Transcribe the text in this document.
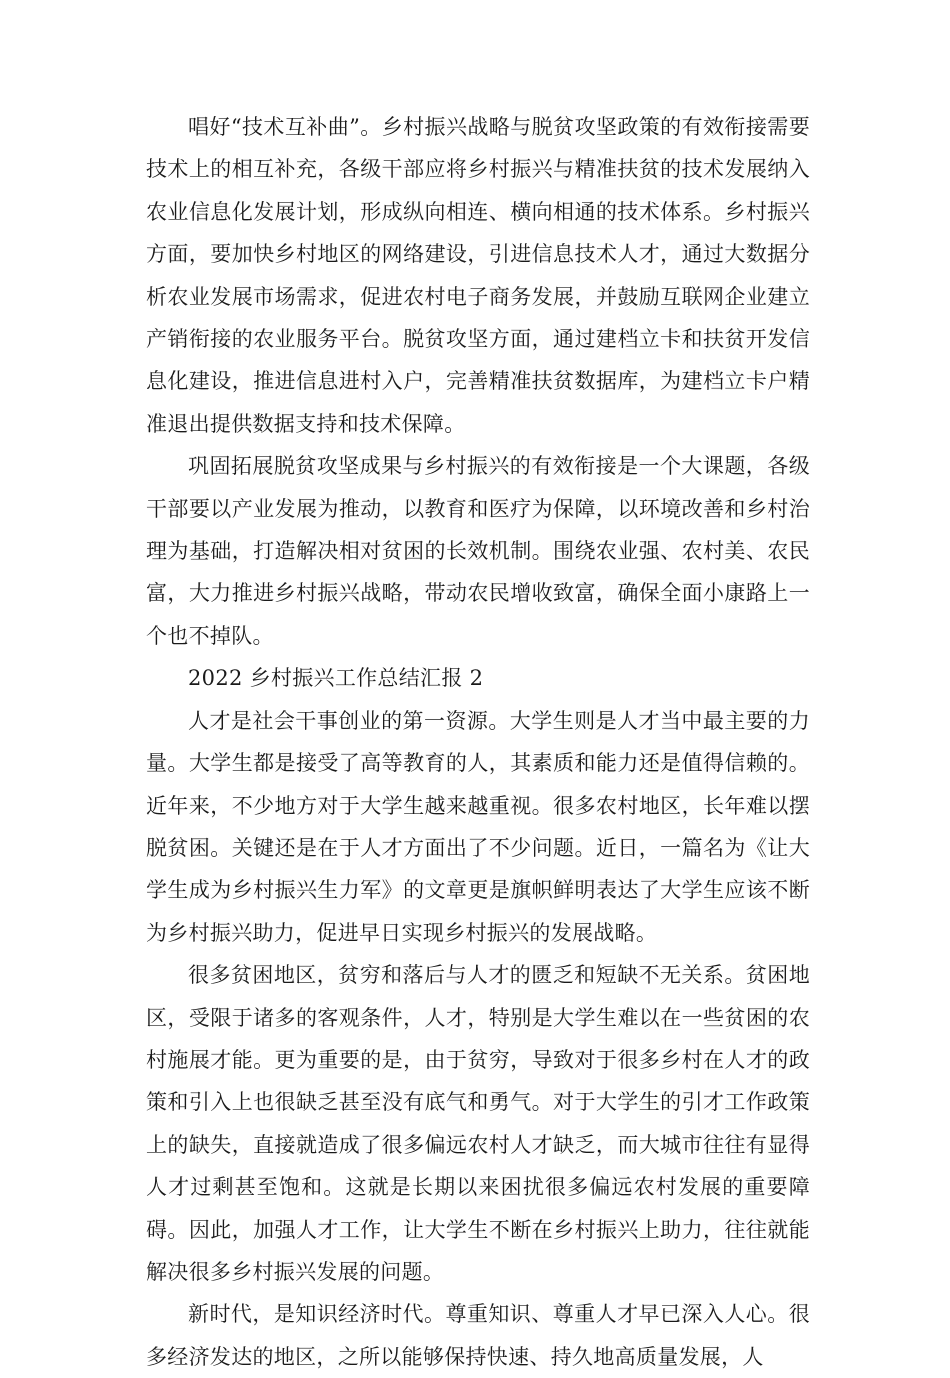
唱好“技术互补曲”。乡村振兴战略与脱贫攻坚政策的有效衔接需要技术上的相互补充，各级干部应将乡村振兴与精准扶贫的技术发展纳入农业信息化发展计划，形成纵向相连、横向相通的技术体系。乡村振兴方面，要加快乡村地区的网络建设，引进信息技术人才，通过大数据分析农业发展市场需求，促进农村电子商务发展，并鼓励互联网企业建立产销衔接的农业服务平台。脱贫攻坚方面，通过建档立卡和扶贫开发信息化建设，推进信息进村入户，完善精准扶贫数据库，为建档立卡户精准退出提供数据支持和技术保障。

巩固拓展脱贫攻坚成果与乡村振兴的有效衔接是一个大课题，各级干部要以产业发展为推动，以教育和医疗为保障，以环境改善和乡村治理为基础，打造解决相对贫困的长效机制。围绕农业强、农村美、农民富，大力推进乡村振兴战略，带动农民增收致富，确保全面小康路上一个也不掉队。

2022 乡村振兴工作总结汇报 2

人才是社会干事创业的第一资源。大学生则是人才当中最主要的力量。大学生都是接受了高等教育的人，其素质和能力还是值得信赖的。近年来，不少地方对于大学生越来越重视。很多农村地区，长年难以摆脱贫困。关键还是在于人才方面出了不少问题。近日，一篇名为《让大学生成为乡村振兴生力军》的文章更是旗帜鲜明表达了大学生应该不断为乡村振兴助力，促进早日实现乡村振兴的发展战略。

很多贫困地区，贫穷和落后与人才的匮乏和短缺不无关系。贫困地区，受限于诸多的客观条件，人才，特别是大学生难以在一些贫困的农村施展才能。更为重要的是，由于贫穷，导致对于很多乡村在人才的政策和引入上也很缺乏甚至没有底气和勇气。对于大学生的引才工作政策上的缺失，直接就造成了很多偏远农村人才缺乏，而大城市往往有显得人才过剩甚至饱和。这就是长期以来困扰很多偏远农村发展的重要障碍。因此，加强人才工作，让大学生不断在乡村振兴上助力，往往就能解决很多乡村振兴发展的问题。

新时代，是知识经济时代。尊重知识、尊重人才早已深入人心。很多经济发达的地区，之所以能够保持快速、持久地高质量发展，人
